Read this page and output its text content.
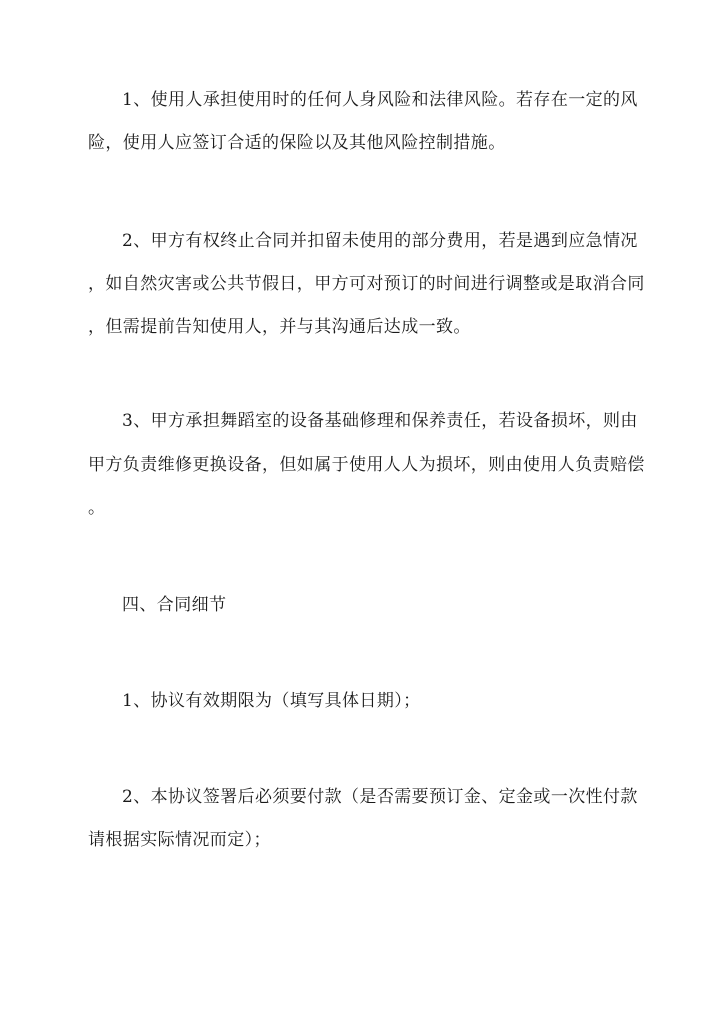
1、使用人承担使用时的任何人身风险和法律风险。若存在一定的风
险，使用人应签订合适的保险以及其他风险控制措施。
2、甲方有权终止合同并扣留未使用的部分费用，若是遇到应急情况
，如自然灾害或公共节假日，甲方可对预订的时间进行调整或是取消合同
，但需提前告知使用人，并与其沟通后达成一致。
3、甲方承担舞蹈室的设备基础修理和保养责任，若设备损坏，则由
甲方负责维修更换设备，但如属于使用人人为损坏，则由使用人负责赔偿
。
四、合同细节
1、协议有效期限为（填写具体日期）；
2、本协议签署后必须要付款（是否需要预订金、定金或一次性付款
请根据实际情况而定）；
